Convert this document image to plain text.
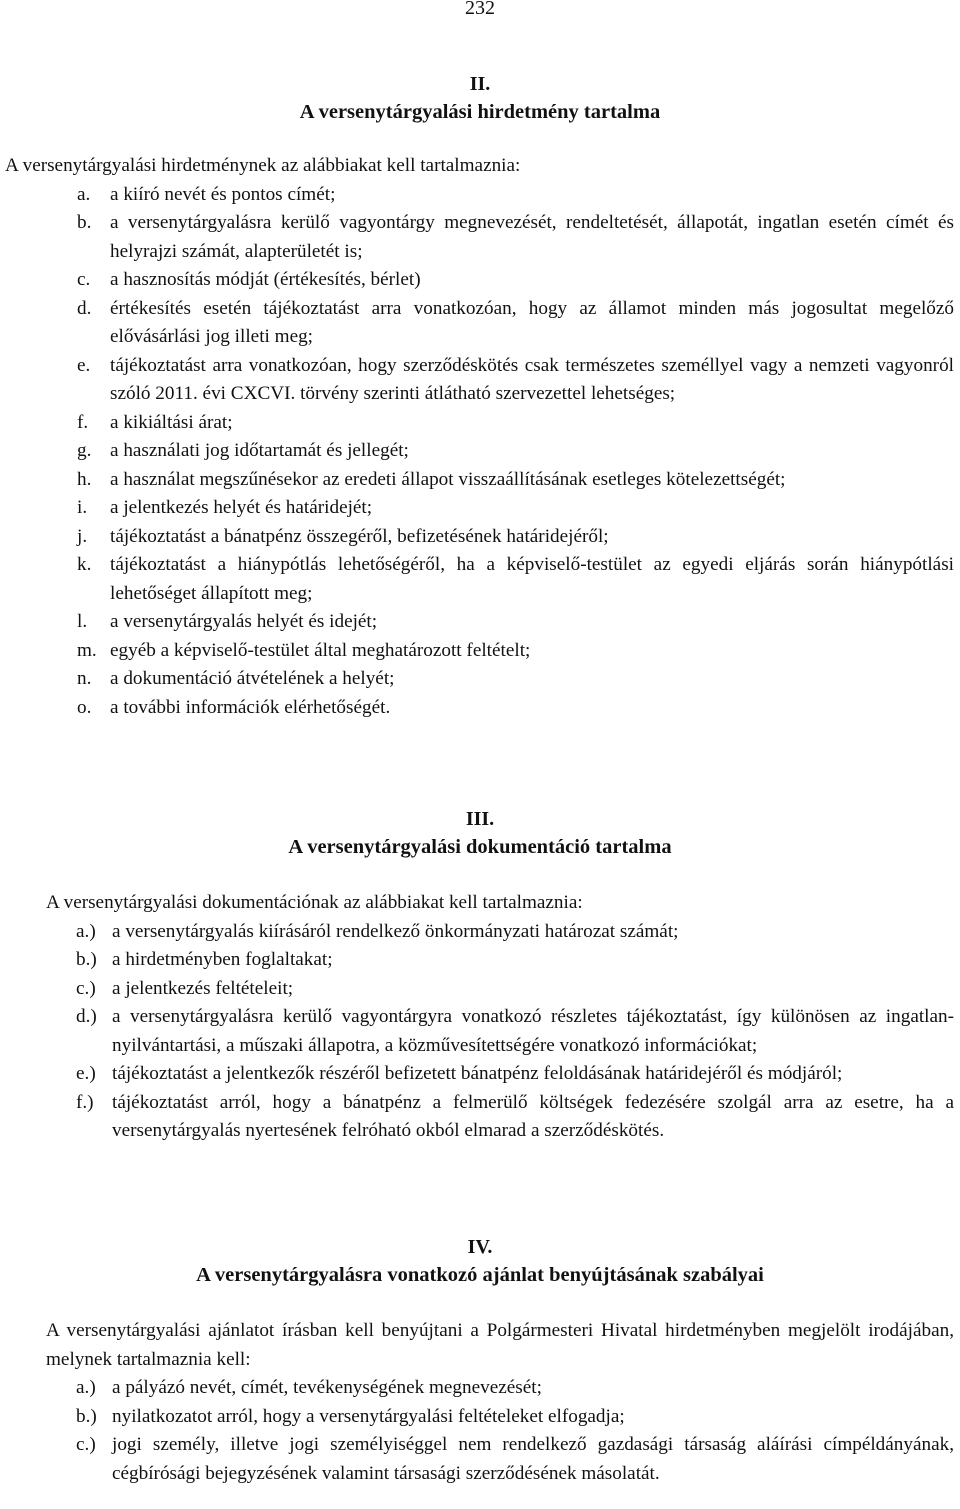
232
II.
A versenytárgyalási hirdetmény tartalma

A versenytárgyalási hirdetménynek az alábbiakat kell tartalmaznia:

a.	a kiíró nevét és pontos címét;
b. a versenytárgyalásra kerülő vagyontárgy megnevezését, rendeltetését, állapotát, ingatlan esetén címét és helyrajzi számát, alapterületét is;
c.	a hasznosítás módját (értékesítés, bérlet)
d. értékesítés esetén tájékoztatást arra vonatkozóan, hogy az államot minden más jogosultat megelőző elővásárlási jog illeti meg;
e.	tájékoztatást arra vonatkozóan, hogy szerződéskötés csak természetes személlyel vagy a nemzeti vagyonról szóló 2011. évi CXCVI. törvény szerinti átlátható szervezettel lehetséges;
f.	a kikiáltási árat;
g. a használati jog időtartamát és jellegét;
h. a használat megszűnésekor az eredeti állapot visszaállításának esetleges kötelezettségét;
i.	a jelentkezés helyét és határidejét;
j.	tájékoztatást a bánatpénz összegéről, befizetésének határidejéről;
k. tájékoztatást a hiánypótlás lehetőségéről, ha a képviselő-testület az egyedi eljárás során hiánypótlási lehetőséget állapított meg;
l.	a versenytárgyalás helyét és idejét;
m. egyéb a képviselő-testület által meghatározott feltételt;
n. a dokumentáció átvételének a helyét;
o. a további információk elérhetőségét.
III.
A versenytárgyalási dokumentáció tartalma

A versenytárgyalási dokumentációnak az alábbiakat kell tartalmaznia:

a.) a versenytárgyalás kiírásáról rendelkező önkormányzati határozat számát;
b.) a hirdetményben foglaltakat;
c.) a jelentkezés feltételeit;
d.) a versenytárgyalásra kerülő vagyontárgyra vonatkozó részletes tájékoztatást, így különösen az ingatlan-nyilvántartási, a műszaki állapotra, a közművesítettségére vonatkozó információkat;
e.) tájékoztatást a jelentkezők részéről befizetett bánatpénz feloldásának határidejéről és módjáról;
f.) tájékoztatást arról, hogy a bánatpénz a felmerülő költségek fedezésére szolgál arra az esetre, ha a versenytárgyalás nyertesének felróható okból elmarad a szerződéskötés.
IV.
A versenytárgyalásra vonatkozó ajánlat benyújtásának szabályai

A versenytárgyalási ajánlatot írásban kell benyújtani a Polgármesteri Hivatal hirdetményben megjelölt irodájában, melynek tartalmaznia kell:

a.) a pályázó nevét, címét, tevékenységének megnevezését;
b.) nyilatkozatot arról, hogy a versenytárgyalási feltételeket elfogadja;
c.) jogi személy, illetve jogi személyiséggel nem rendelkező gazdasági társaság aláírási címpéldányának, cégbírósági bejegyzésének valamint társasági szerződésének másolatát.
